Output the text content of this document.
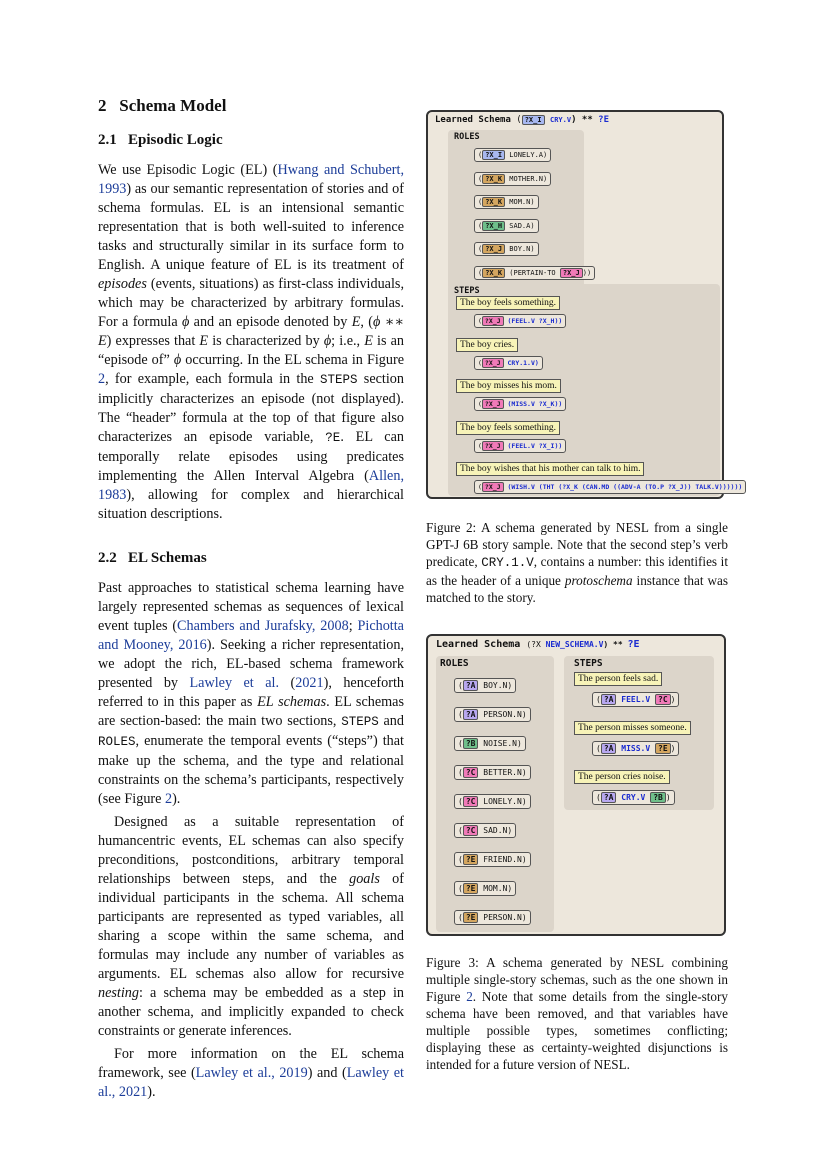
2 Schema Model
2.1 Episodic Logic

We use Episodic Logic (EL) (Hwang and Schubert, 1993) as our semantic representation of stories and of schema formulas. EL is an intensional semantic representation that is both well-suited to inference tasks and structurally similar in its surface form to English. A unique feature of EL is its treatment of episodes (events, situations) as first-class individuals, which may be characterized by arbitrary formulas. For a formula ϕ and an episode denoted by E, (ϕ ∗∗ E) expresses that E is characterized by ϕ; i.e., E is an “episode of” ϕ occurring. In the EL schema in Figure 2, for example, each formula in the STEPS section implicitly characterizes an episode (not displayed). The “header” formula at the top of that figure also characterizes an episode variable, ?E. EL can temporally relate episodes using predicates implementing the Allen Interval Algebra (Allen, 1983), allowing for complex and hierarchical situation descriptions.

2.2 EL Schemas

Past approaches to statistical schema learning have largely represented schemas as sequences of lexical event tuples (Chambers and Jurafsky, 2008; Pichotta and Mooney, 2016). Seeking a richer representation, we adopt the rich, EL-based schema framework presented by Lawley et al. (2021), henceforth referred to in this paper as EL schemas. EL schemas are section-based: the main two sections, STEPS and ROLES, enumerate the temporal events (“steps”) that make up the schema, and the type and relational constraints on the schema’s participants, respectively (see Figure 2).

Designed as a suitable representation of humancentric events, EL schemas can also specify preconditions, postconditions, arbitrary temporal relationships between steps, and the goals of individual participants in the schema. All schema participants are represented as typed variables, all sharing a scope within the same schema, and formulas may include any number of variables as arguments. EL schemas also allow for recursive nesting: a schema may be embedded as a step in another schema, and implicitly expanded to check constraints or generate inferences.

For more information on the EL schema framework, see (Lawley et al., 2019) and (Lawley et al., 2021).

Learned Schema ( ?X_I CRY.V) ** ?E
ROLES
( ?X_I LONELY.A)
( ?X_K MOTHER.N)
( ?X_K MOM.N)
( ?X_H SAD.A)
( ?X_J BOY.N)
( ?X_K (PERTAIN-TO ?X_J ))
STEPS
The boy feels something.
( ?X_J (FEEL.V ?X_H))
The boy cries.
( ?X_J CRY.1.V)
The boy misses his mom.
( ?X_J (MISS.V ?X_K))
The boy feels something.
( ?X_J (FEEL.V ?X_I))
The boy wishes that his mother can talk to him.
( ?X_J (WISH.V (THT (?X_K (CAN.MD ((ADV-A (TO.P ?X_J)) TALK.V))))))

Figure 2: A schema generated by NESL from a single GPT-J 6B story sample. Note that the second step’s verb predicate, CRY.1.V, contains a number: this identifies it as the header of a unique protoschema instance that was matched to the story.

Learned Schema (?X NEW_SCHEMA.V) ** ?E
ROLES
( ?A BOY.N)
( ?A PERSON.N)
( ?B NOISE.N)
( ?C BETTER.N)
( ?C LONELY.N)
( ?C SAD.N)
( ?E FRIEND.N)
( ?E MOM.N)
( ?E PERSON.N)
STEPS
The person feels sad.
( ?A FEEL.V ?C )
The person misses someone.
( ?A MISS.V ?E )
The person cries noise.
( ?A CRY.V ?B )

Figure 3: A schema generated by NESL combining multiple single-story schemas, such as the one shown in Figure 2. Note that some details from the single-story schema have been removed, and that variables have multiple possible types, sometimes conflicting; displaying these as certainty-weighted disjunctions is intended for a future version of NESL.
